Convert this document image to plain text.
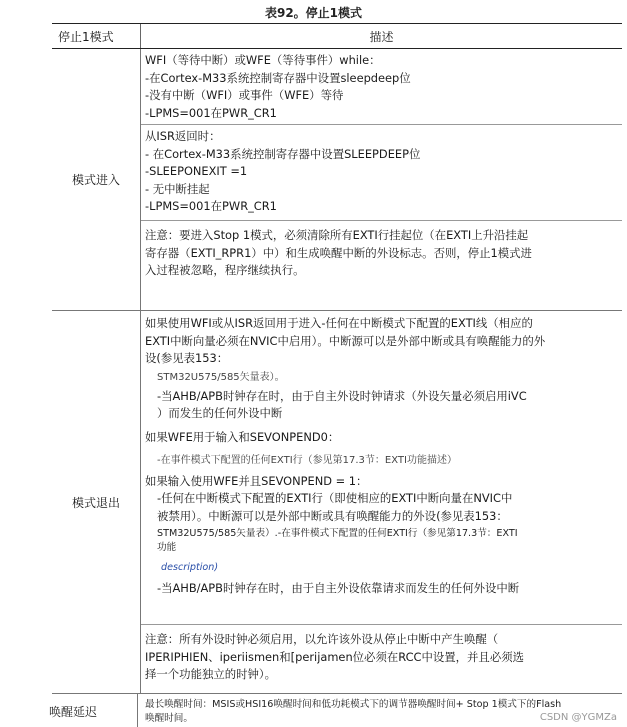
表92。停止1模式
停止1模式	描述
模式进入
WFI（等待中断）或WFE（等待事件）while：
-在Cortex-M33系统控制寄存器中设置sleepdeep位
-没有中断（WFI）或事件（WFE）等待
-LPMS=001在PWR_CR1
从ISR返回时：
- 在Cortex-M33系统控制寄存器中设置SLEEPDEEP位
-SLEEPONEXIT =1
- 无中断挂起
-LPMS=001在PWR_CR1
注意：要进入Stop 1模式，必须清除所有EXTI行挂起位（在EXTI上升沿挂起
寄存器（EXTI_RPR1）中）和生成唤醒中断的外设标志。否则，停止1模式进
入过程被忽略，程序继续执行。
模式退出
如果使用WFI或从ISR返回用于进入-任何在中断模式下配置的EXTI线（相应的
EXTI中断向量必须在NVIC中启用）。中断源可以是外部中断或具有唤醒能力的外
设(参见表153：
STM32U575/585矢量表）。
-当AHB/APB时钟存在时，由于自主外设时钟请求（外设矢量必须启用iVC
）而发生的任何外设中断
如果WFE用于输入和SEVONPEND0：
-在事件模式下配置的任何EXTI行（参见第17.3节：EXTI功能描述）
如果输入使用WFE并且SEVONPEND = 1：
-任何在中断模式下配置的EXTI行（即使相应的EXTI中断向量在NVIC中
被禁用）。中断源可以是外部中断或具有唤醒能力的外设(参见表153：
STM32U575/585矢量表）.-在事件模式下配置的任何EXTI行（参见第17.3节：EXTI
功能
description)
-当AHB/APB时钟存在时，由于自主外设依靠请求而发生的任何外设中断
注意：所有外设时钟必须启用，以允许该外设从停止中断中产生唤醒（
IPERIPHIEN、iperiismen和[perijamen位必须在RCC中设置，并且必须选
择一个功能独立的时钟）。
唤醒延迟
最长唤醒时间：MSIS或HSI16唤醒时间和低功耗模式下的调节器唤醒时间+ Stop 1模式下的Flash
唤醒时间。	CSDN @YGMZa
